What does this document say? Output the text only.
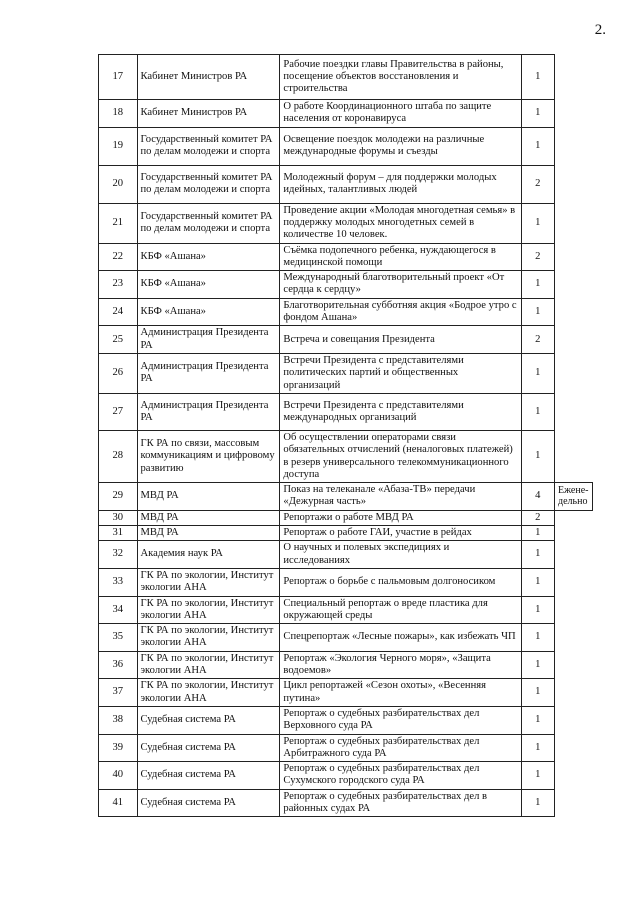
2.
17	Кабинет Министров РА	Рабочие поездки главы Правительства в районы, посещение объектов восстановления и строительства	1	
18	Кабинет Министров РА	О работе Координационного штаба по защите населения от коронавируса	1	
19	Государственный комитет РА по делам молодежи и спорта	Освещение поездок молодежи на различные международные форумы и съезды	1	
20	Государственный комитет РА по делам молодежи и спорта	Молодежный форум – для поддержки молодых идейных, талантливых людей	2	
21	Государственный комитет РА по делам молодежи и спорта	Проведение акции «Молодая многодетная семья» в поддержку молодых многодетных семей в количестве 10 человек.	1	
22	КБФ «Ашана»	Съёмка подопечного ребенка, нуждающегося в медицинской помощи	2	
23	КБФ «Ашана»	Международный благотворительный проект «От сердца к сердцу»	1	
24	КБФ «Ашана»	Благотворительная субботняя акция «Бодрое утро с фондом Ашана»	1	
25	Администрация Президента РА	Встреча и совещания Президента	2	
26	Администрация Президента РА	Встречи Президента с представителями политических партий и общественных организаций	1	
27	Администрация Президента РА	Встречи Президента с представителями международных организаций	1	
28	ГК РА по связи, массовым коммуникациям и цифровому развитию	Об осуществлении операторами связи обязательных отчислений (неналоговых платежей) в резерв универсального телекоммуникационного доступа	1	
29	МВД РА	Показ на телеканале «Абаза-ТВ» передачи «Дежурная часть»	4	Ежене-дельно
30	МВД РА	Репортажи о работе МВД РА	2	
31	МВД РА	Репортаж о работе ГАИ, участие в рейдах	1	
32	Академия наук РА	О научных и полевых экспедициях и исследованиях	1	
33	ГК РА по экологии, Институт экологии АНА	Репортаж о борьбе с пальмовым долгоносиком	1	
34	ГК РА по экологии, Институт экологии АНА	Специальный репортаж о вреде пластика для окружающей среды	1	
35	ГК РА по экологии, Институт экологии АНА	Спецрепортаж «Лесные пожары», как избежать ЧП	1	
36	ГК РА по экологии, Институт экологии АНА	Репортаж «Экология Черного моря», «Защита водоемов»	1	
37	ГК РА по экологии, Институт экологии АНА	Цикл репортажей «Сезон охоты», «Весенняя путина»	1	
38	Судебная система РА	Репортаж о судебных разбирательствах дел Верховного суда РА	1	
39	Судебная система РА	Репортаж о судебных разбирательствах дел Арбитражного суда РА	1	
40	Судебная система РА	Репортаж о судебных разбирательствах дел Сухумского городского суда РА	1	
41	Судебная система РА	Репортаж о судебных разбирательствах дел в районных судах РА	1	
